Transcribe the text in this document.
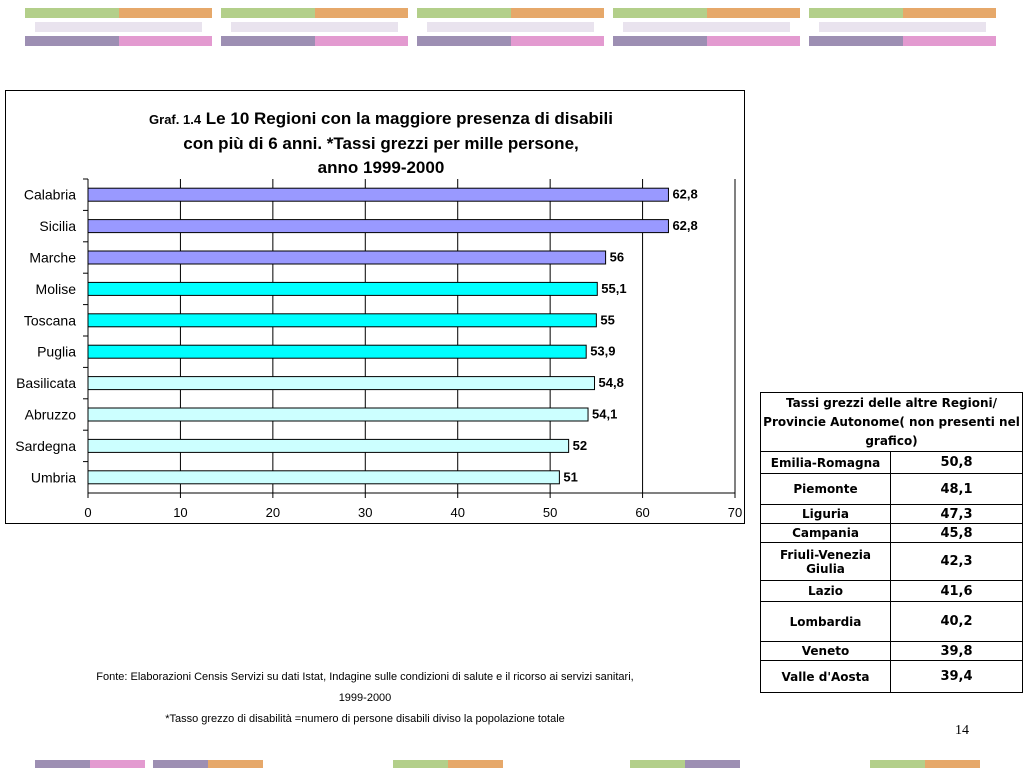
Graf. 1.4 Le 10 Regioni con la maggiore presenza di disabili
con più di 6 anni. *Tassi grezzi per mille persone,
anno 1999-2000
0	10	20	30	40	50	60	70
Calabria	62,8
Sicilia	62,8
Marche	56
Molise	55,1
Toscana	55
Puglia	53,9
Basilicata	54,8
Abruzzo	54,1
Sardegna	52
Umbria	51
Tassi grezzi delle altre Regioni/ Provincie Autonome( non presenti nel grafico)	
Emilia-Romagna	50,8
Piemonte	48,1
Liguria	47,3
Campania	45,8
Friuli-Venezia Giulia	42,3
Lazio	41,6
Lombardia	40,2
Veneto	39,8
Valle d'Aosta	39,4
Fonte: Elaborazioni Censis Servizi su dati Istat, Indagine sulle condizioni di salute e il ricorso ai servizi sanitari,
1999-2000
*Tasso grezzo di disabilità =numero di persone disabili diviso la popolazione totale
14
